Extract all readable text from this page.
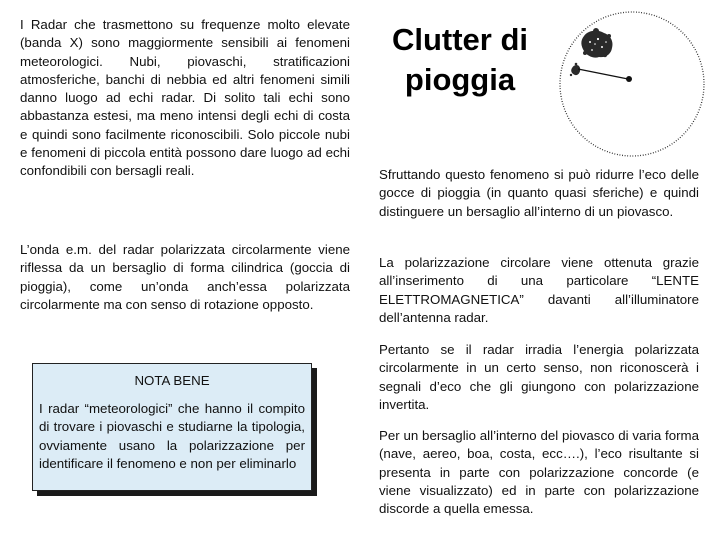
I Radar che trasmettono su frequenze molto elevate (banda X) sono maggiormente sensibili ai fenomeni meteorologici. Nubi, piovaschi, stratificazioni atmosferiche, banchi di nebbia ed altri fenomeni simili danno luogo ad echi radar. Di solito tali echi sono abbastanza estesi, ma meno intensi degli echi di costa e quindi sono facilmente riconoscibili. Solo piccole nubi e fenomeni di piccola entità possono dare luogo ad echi confondibili con bersagli reali.

L’onda e.m. del radar polarizzata circolarmente viene riflessa da un bersaglio di forma cilindrica (goccia di pioggia), come un’onda anch’essa polarizzata circolarmente ma con senso di rotazione opposto.

NOTA BENE

I radar “meteorologici” che hanno il compito di trovare i piovaschi e studiarne la tipologia, ovviamente usano la polarizzazione per identificare il fenomeno e non per eliminarlo

Clutter di
pioggia

Sfruttando questo fenomeno si può ridurre l’eco delle gocce di pioggia (in quanto quasi sferiche) e quindi distinguere un bersaglio all’interno di un piovasco.

La polarizzazione circolare viene ottenuta grazie all’inserimento di una particolare “LENTE ELETTROMAGNETICA” davanti all’illuminatore dell’antenna radar.

Pertanto se il radar irradia l’energia polarizzata circolarmente in un certo senso, non riconoscerà i segnali d’eco che gli giungono con polarizzazione invertita.

Per un bersaglio all’interno del piovasco di varia forma (nave, aereo, boa, costa, ecc….), l’eco risultante si presenta in parte con polarizzazione concorde (e viene visualizzato) ed in parte con polarizzazione discorde a quella emessa.
